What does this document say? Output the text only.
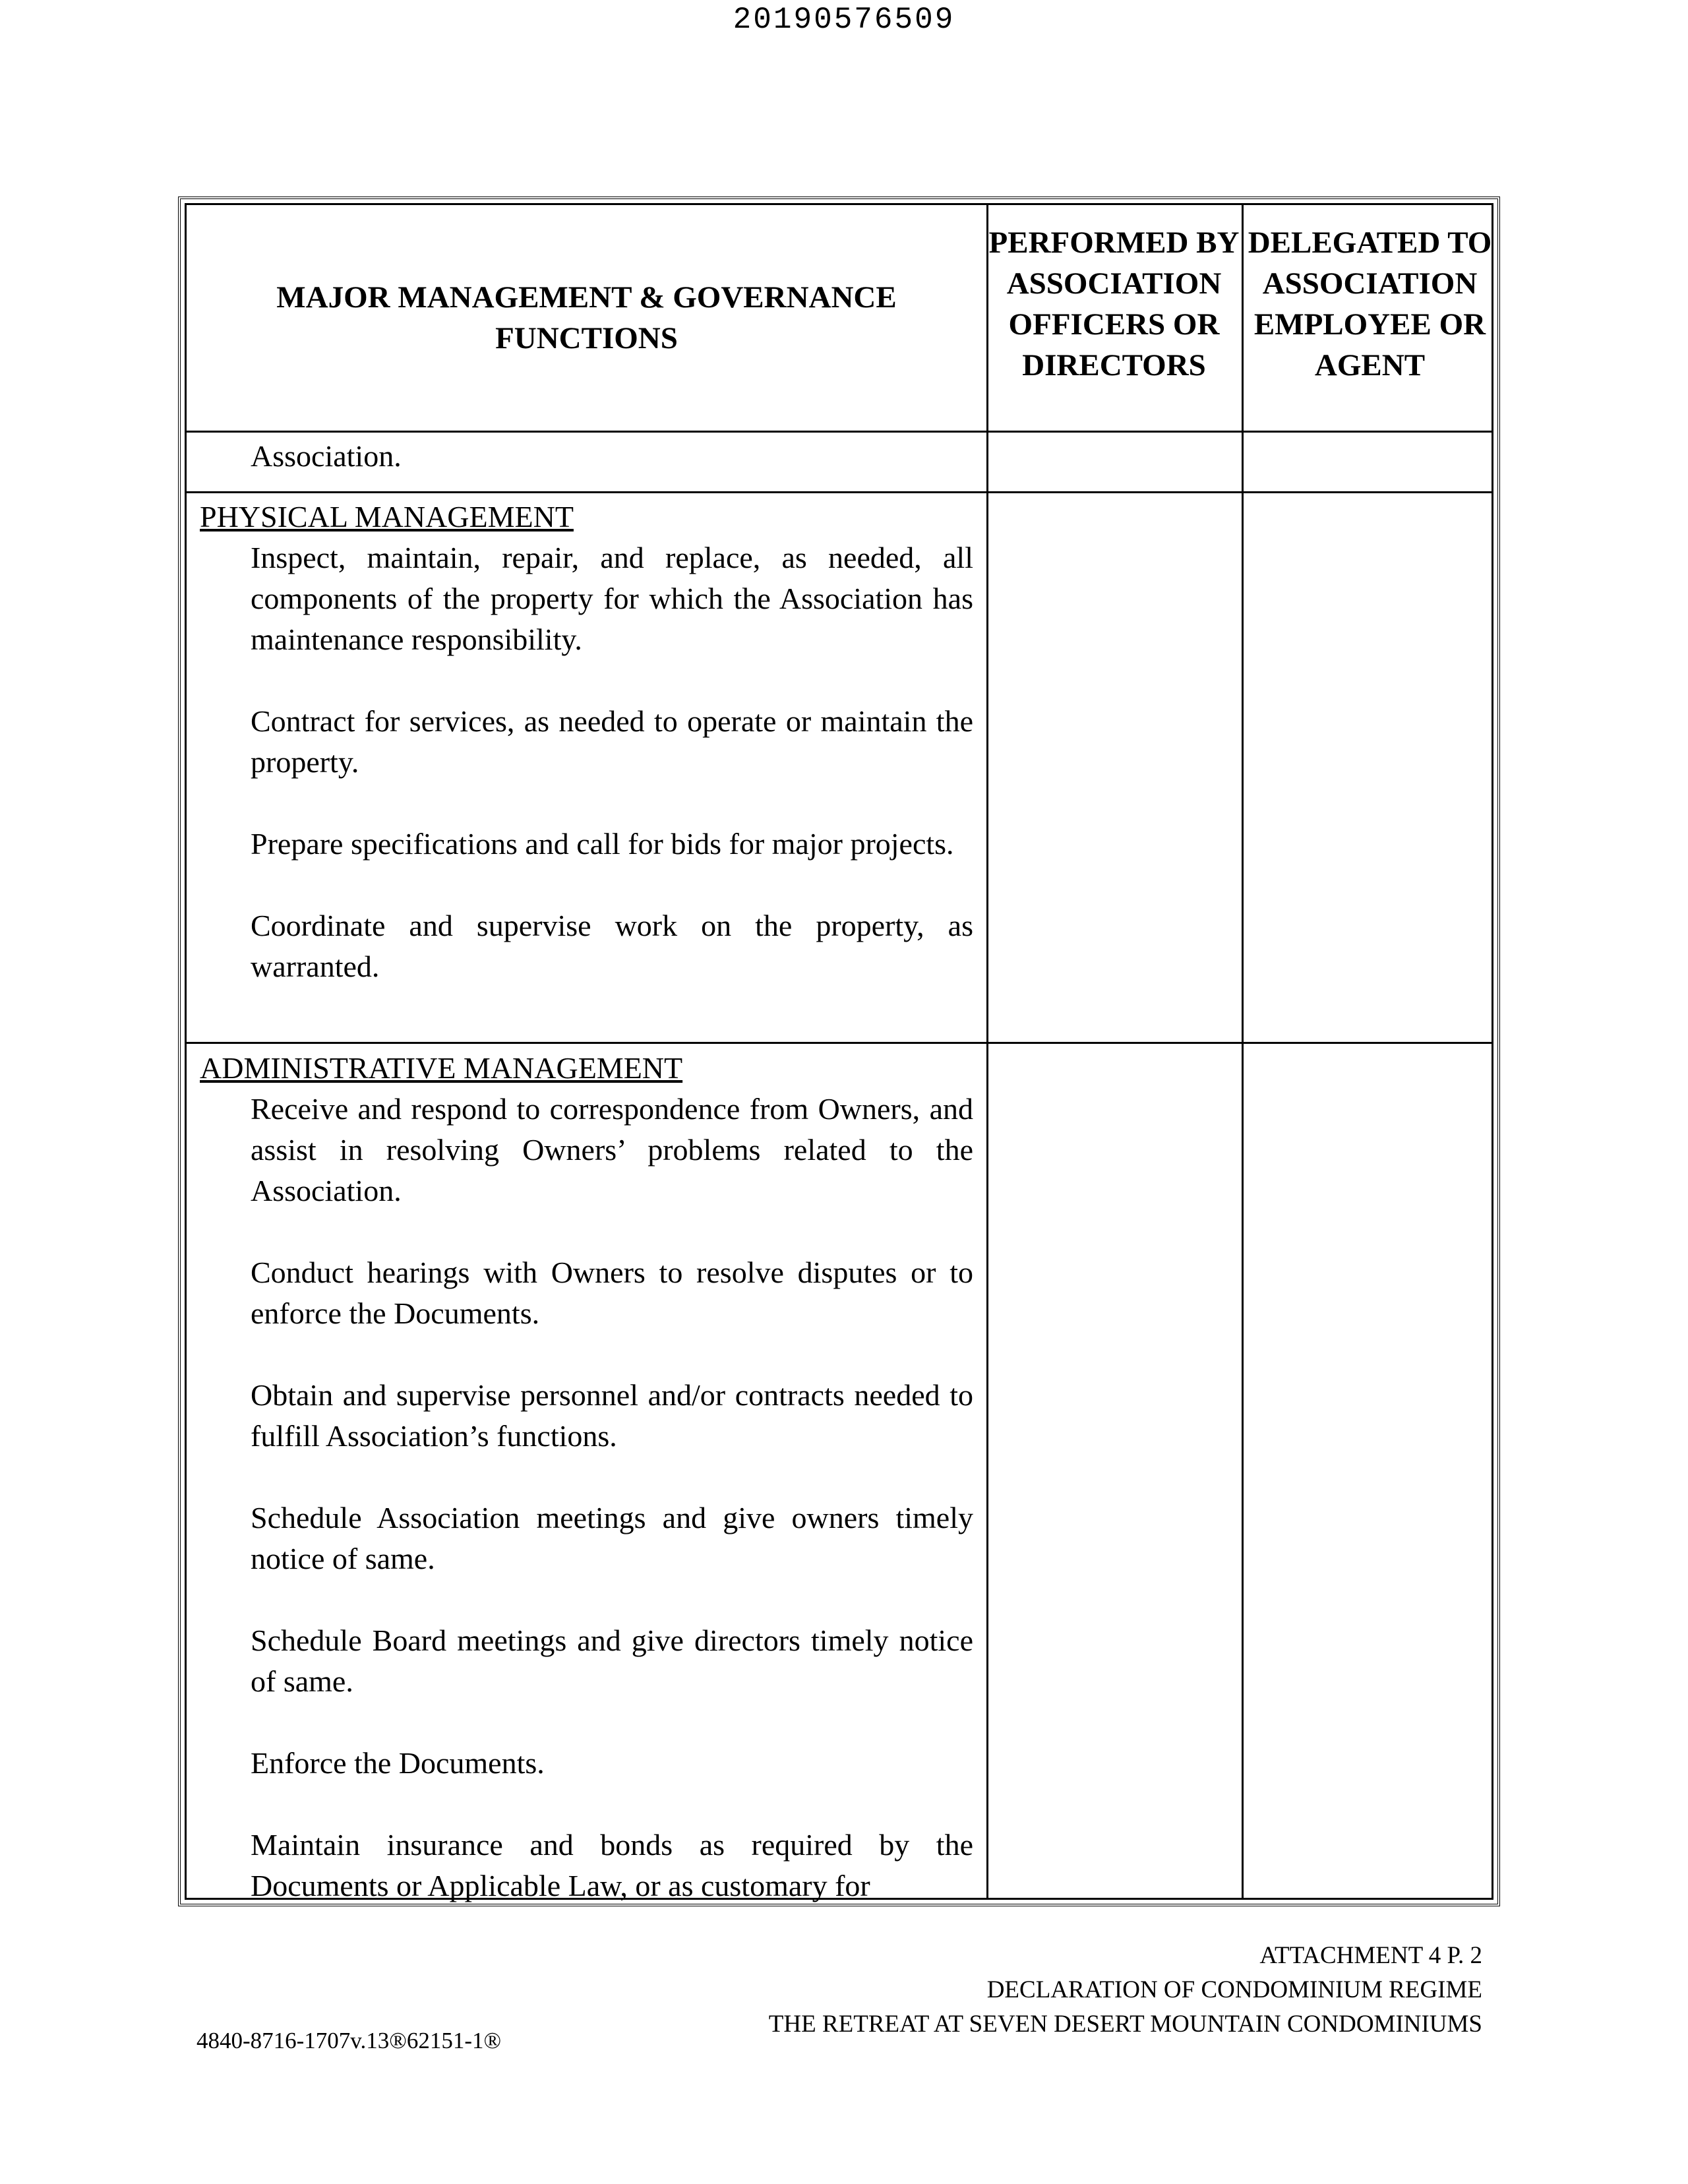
20190576509
MAJOR MANAGEMENT & GOVERNANCE FUNCTIONS
PERFORMED BY ASSOCIATION OFFICERS OR DIRECTORS
DELEGATED TO ASSOCIATION EMPLOYEE OR AGENT
Association.
PHYSICAL MANAGEMENT
Inspect, maintain, repair, and replace, as needed, all components of the property for which the Association has maintenance responsibility.
Contract for services, as needed to operate or maintain the property.
Prepare specifications and call for bids for major projects.
Coordinate and supervise work on the property, as warranted.
ADMINISTRATIVE MANAGEMENT
Receive and respond to correspondence from Owners, and assist in resolving Owners’ problems related to the Association.
Conduct hearings with Owners to resolve disputes or to enforce the Documents.
Obtain and supervise personnel and/or contracts needed to fulfill Association’s functions.
Schedule Association meetings and give owners timely notice of same.
Schedule Board meetings and give directors timely notice of same.
Enforce the Documents.
Maintain insurance and bonds as required by the Documents or Applicable Law, or as customary for
ATTACHMENT 4 P. 2
DECLARATION OF CONDOMINIUM REGIME
THE RETREAT AT SEVEN DESERT MOUNTAIN CONDOMINIUMS
4840-8716-1707v.13®62151-1®
